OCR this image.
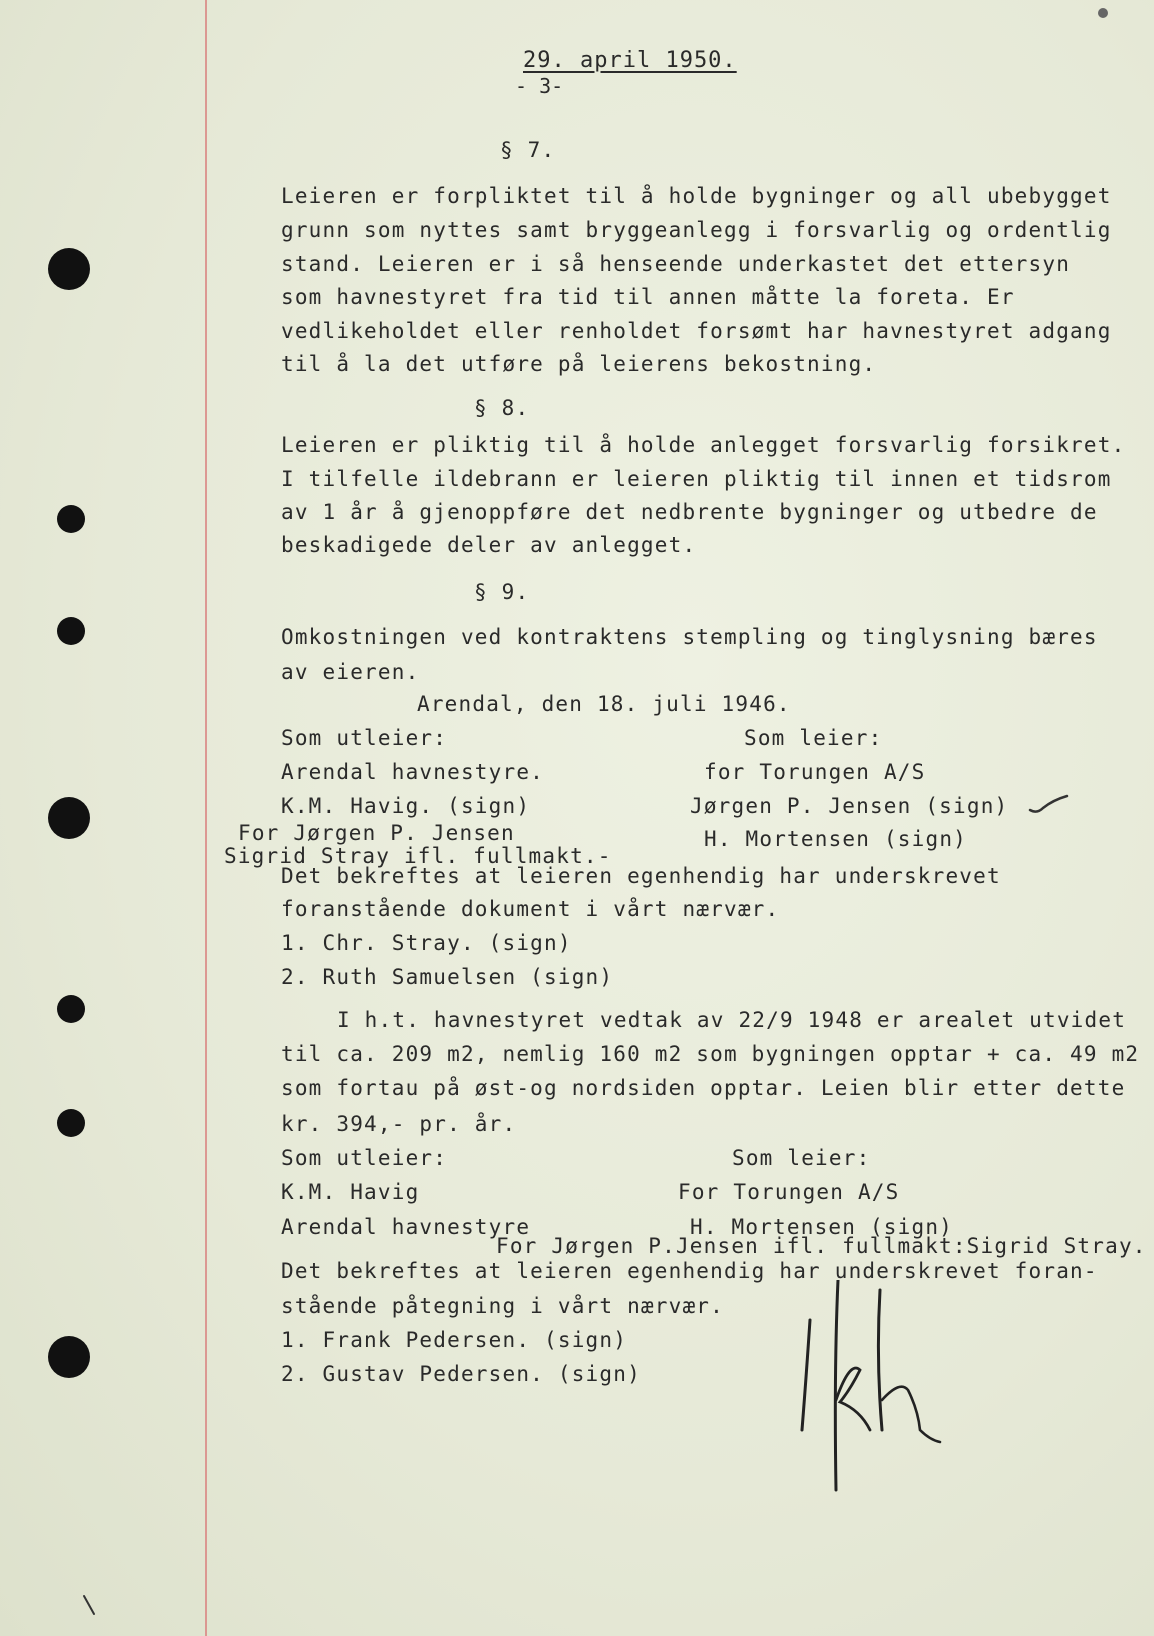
29. april 1950.
- 3-
§ 7.
Leieren er forpliktet til å holde bygninger og all ubebygget
grunn som nyttes samt bryggeanlegg i forsvarlig og ordentlig
stand. Leieren er i så henseende underkastet det ettersyn
som havnestyret fra tid til annen måtte la foreta. Er
vedlikeholdet eller renholdet forsømt har havnestyret adgang
til å la det utføre på leierens bekostning.
§ 8.
Leieren er pliktig til å holde anlegget forsvarlig forsikret.
I tilfelle ildebrann er leieren pliktig til innen et tidsrom
av 1 år å gjenoppføre det nedbrente bygninger og utbedre de
beskadigede deler av anlegget.
§ 9.
Omkostningen ved kontraktens stempling og tinglysning bæres
av eieren.
Arendal, den 18. juli 1946.
Som utleier:	Som leier:
Arendal havnestyre.	for Torungen A/S
K.M. Havig. (sign)	Jørgen P. Jensen (sign)
For Jørgen P. Jensen	H. Mortensen (sign)
Sigrid Stray ifl. fullmakt.-
Det bekreftes at leieren egenhendig har underskrevet
foranstående dokument i vårt nærvær.
1. Chr. Stray. (sign)
2. Ruth Samuelsen (sign)
I h.t. havnestyret vedtak av 22/9 1948 er arealet utvidet
til ca. 209 m2, nemlig 160 m2 som bygningen opptar + ca. 49 m2
som fortau på øst-og nordsiden opptar. Leien blir etter dette
kr. 394,- pr. år.
Som utleier:	Som leier:
K.M. Havig	For Torungen A/S
Arendal havnestyre	H. Mortensen (sign)
For Jørgen P.Jensen ifl. fullmakt:Sigrid Stray.
Det bekreftes at leieren egenhendig har underskrevet foran-
stående påtegning i vårt nærvær.
1. Frank Pedersen. (sign)
2. Gustav Pedersen. (sign)
